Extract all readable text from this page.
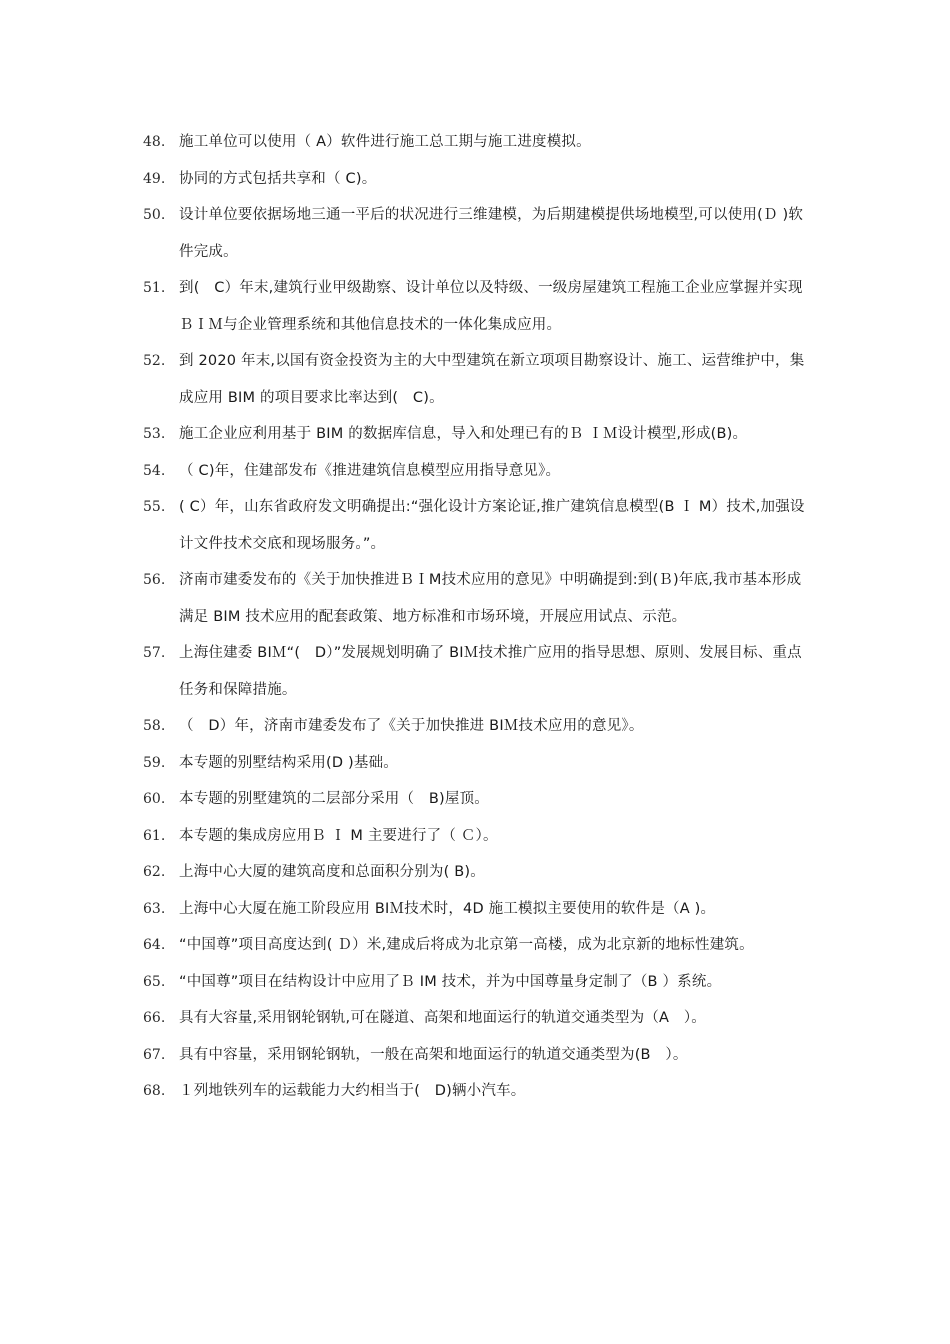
48. 施工单位可以使用（ A）软件进行施工总工期与施工进度模拟。
49. 协同的方式包括共享和（ C)。
50. 设计单位要依据场地三通一平后的状况进行三维建模，为后期建模提供场地模型,可以使用(Ｄ )软件完成。
51. 到(　C）年末,建筑行业甲级勘察、设计单位以及特级、一级房屋建筑工程施工企业应掌握并实现ＢＩＭ与企业管理系统和其他信息技术的一体化集成应用。
52. 到 2020 年末,以国有资金投资为主的大中型建筑在新立项项目勘察设计、施工、运营维护中，集成应用 BIM 的项目要求比率达到(　C)。
53. 施工企业应利用基于 BIM 的数据库信息，导入和处理已有的Ｂ ＩＭ设计模型,形成(B)。
54. （ C)年，住建部发布《推进建筑信息模型应用指导意见》。
55. ( C）年，山东省政府发文明确提出:“强化设计方案论证,推广建筑信息模型(B Ｉ M）技术,加强设计文件技术交底和现场服务。”。
56. 济南市建委发布的《关于加快推进ＢＩM技术应用的意见》中明确提到:到(Ｂ)年底,我市基本形成满足 BIM 技术应用的配套政策、地方标准和市场环境，开展应用试点、示范。
57. 上海住建委 BIＭ“(　D）”发展规划明确了 BIＭ技术推广应用的指导思想、原则、发展目标、重点任务和保障措施。
58. （　D）年，济南市建委发布了《关于加快推进 BIＭ技术应用的意见》。
59. 本专题的别墅结构采用(D )基础。
60. 本专题的别墅建筑的二层部分采用（　B)屋顶。
61. 本专题的集成房应用Ｂ Ｉ M 主要进行了（ Ｃ）。
62. 上海中心大厦的建筑高度和总面积分别为( B)。
63. 上海中心大厦在施工阶段应用 BIＭ技术时，4D 施工模拟主要使用的软件是（A )。
64. “中国尊”项目高度达到( Ｄ）米,建成后将成为北京第一高楼，成为北京新的地标性建筑。
65. “中国尊”项目在结构设计中应用了Ｂ IM 技术，并为中国尊量身定制了（B ）系统。
66. 具有大容量,采用钢轮钢轨,可在隧道、高架和地面运行的轨道交通类型为（A　）。
67. 具有中容量，采用钢轮钢轨，一般在高架和地面运行的轨道交通类型为(B　）。
68. １列地铁列车的运载能力大约相当于(　D)辆小汽车。
